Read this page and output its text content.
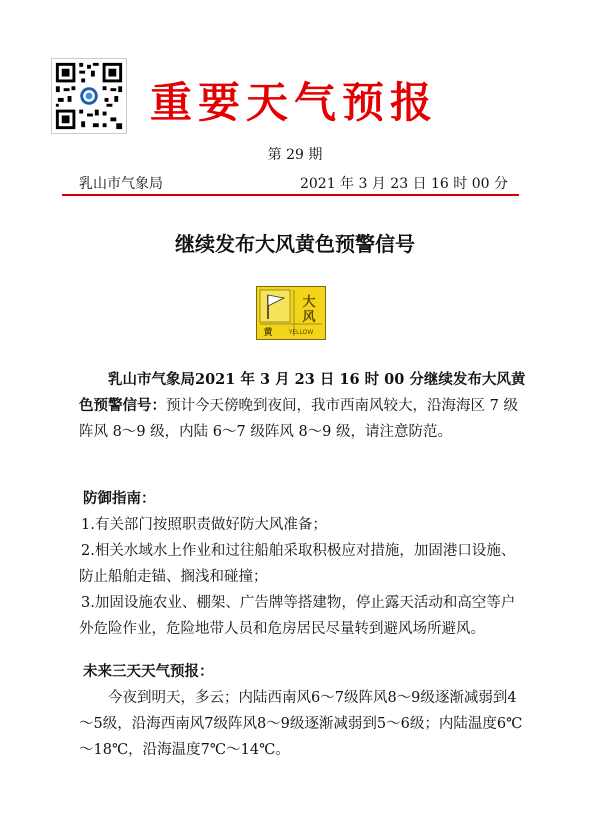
重要天气预报
第 29 期
乳山市气象局	2021 年 3 月 23 日 16 时 00 分
继续发布大风黄色预警信号
大
风
黄	YELLOW
乳山市气象局2021 年 3 月 23 日 16 时 00 分继续发布大风黄色预警信号：预计今天傍晚到夜间，我市西南风较大，沿海海区 7 级阵风 8～9 级，内陆 6～7 级阵风 8～9 级，请注意防范。
防御指南：
1.有关部门按照职责做好防大风准备；
2.相关水域水上作业和过往船舶采取积极应对措施，加固港口设施、防止船舶走锚、搁浅和碰撞；
3.加固设施农业、棚架、广告牌等搭建物，停止露天活动和高空等户外危险作业，危险地带人员和危房居民尽量转到避风场所避风。
未来三天天气预报：
今夜到明天，多云；内陆西南风6～7级阵风8～9级逐渐减弱到4～5级，沿海西南风7级阵风8～9级逐渐减弱到5～6级；内陆温度6℃～18℃，沿海温度7℃～14℃。
